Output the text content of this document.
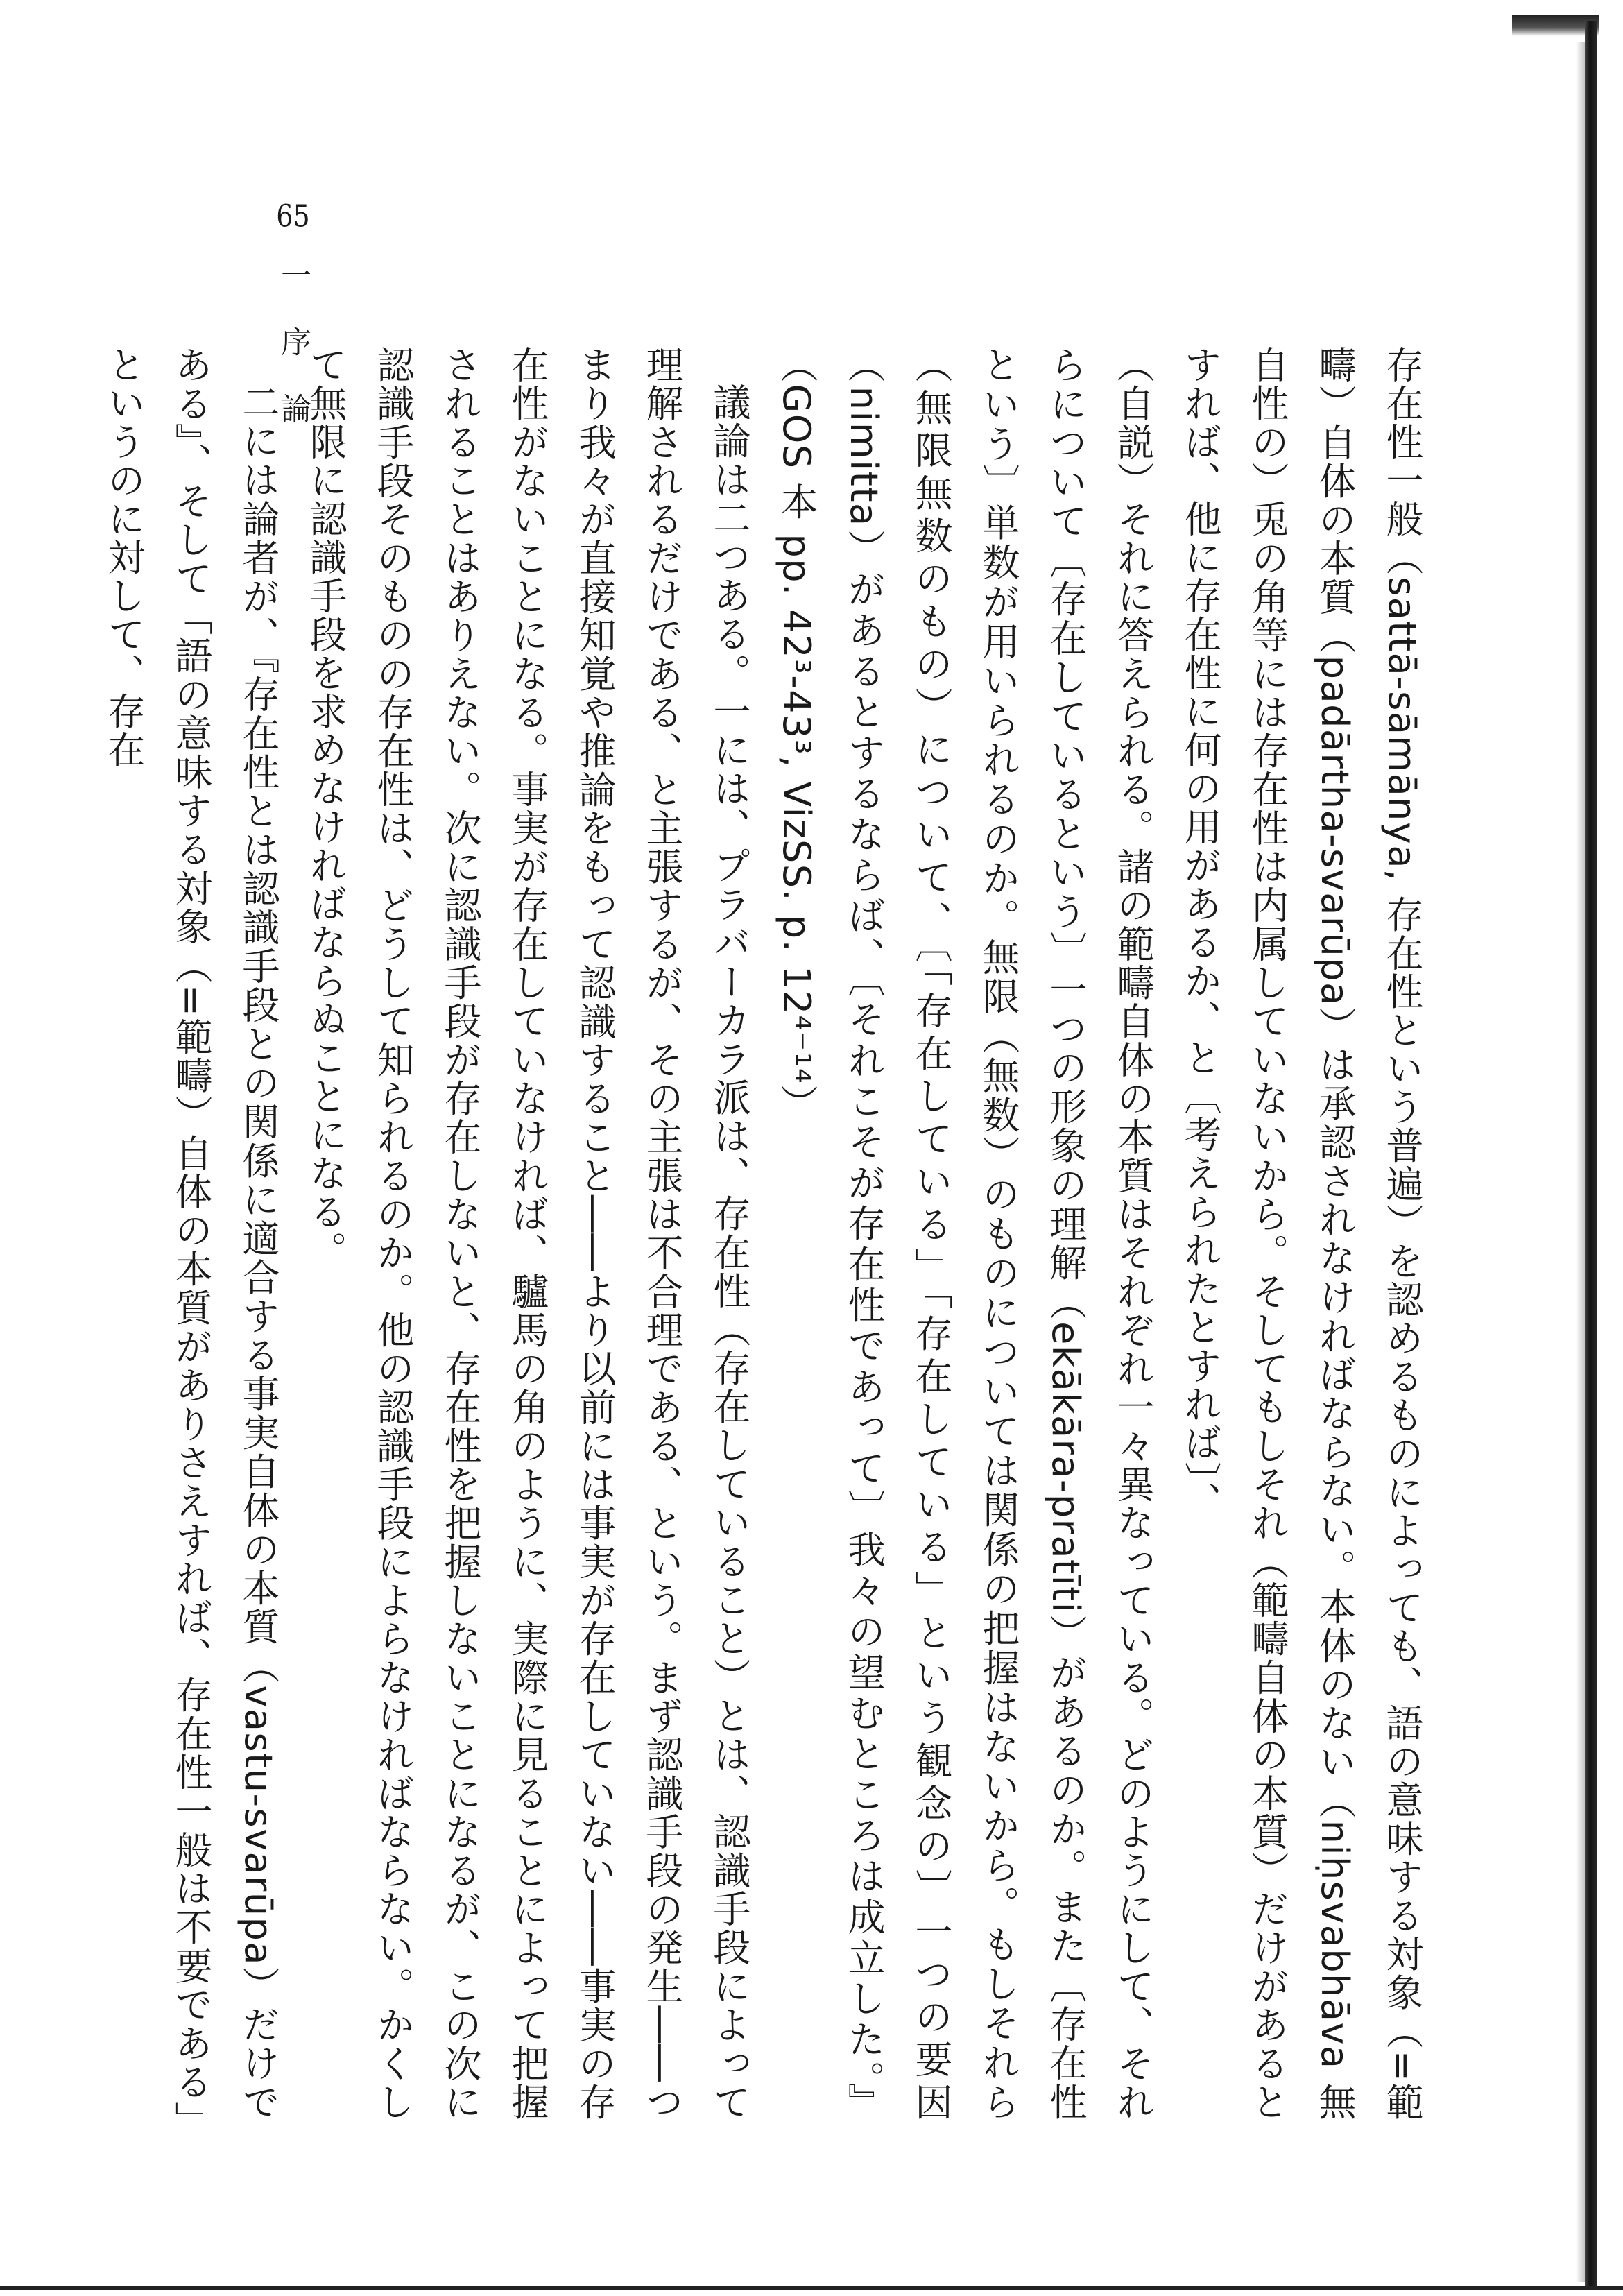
65一　序　論

存在性一般（sattā-sāmānya, 存在性という普遍）を認めるものによっても、語の意味する対象（=範疇）自体の本質（padārtha-svarūpa）は承認されなければならない。本体のない（niḥsvabhāva 無自性の）兎の角等には存在性は内属していないから。そしてもしそれ（範疇自体の本質）だけがあるとすれば、他に存在性に何の用があるか、と〔考えられたとすれば〕、

（自説）それに答えられる。諸の範疇自体の本質はそれぞれ一々異なっている。どのようにして、それらについて〔存在しているという〕一つの形象の理解（ekākāra-pratīti）があるのか。また〔存在性という〕単数が用いられるのか。無限（無数）のものについては関係の把握はないから。もしそれら（無限無数のもの）について、〔「存在している」「存在している」という観念の〕一つの要因（nimitta）があるとするならば、〔それこそが存在性であって〕我々の望むところは成立した。』（GOS 本 pp. 42³-43³, VizSS. p. 12⁴⁻¹⁴）

議論は二つある。一には、プラバーカラ派は、存在性（存在していること）とは、認識手段によって理解されるだけである、と主張するが、その主張は不合理である、という。まず認識手段の発生――つまり我々が直接知覚や推論をもって認識すること――より以前には事実が存在していない――事実の存在性がないことになる。事実が存在していなければ、驢馬の角のように、実際に見ることによって把握されることはありえない。次に認識手段が存在しないと、存在性を把握しないことになるが、この次に認識手段そのものの存在性は、どうして知られるのか。他の認識手段によらなければならない。かくして無限に認識手段を求めなければならぬことになる。

二には論者が、『存在性とは認識手段との関係に適合する事実自体の本質（vastu-svarūpa）だけである』、そして「語の意味する対象（=範疇）自体の本質がありさえすれば、存在性一般は不要である」というのに対して、存在
